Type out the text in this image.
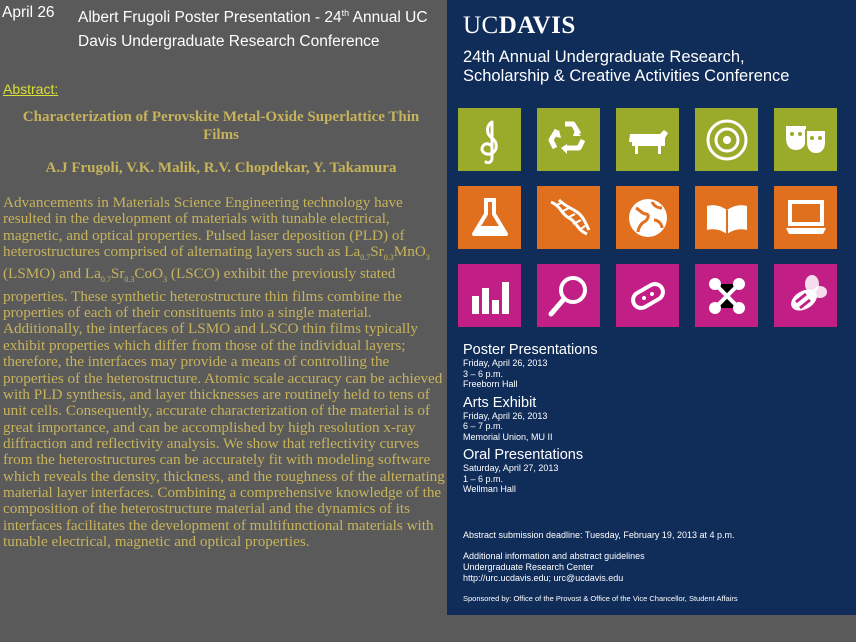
April 26 Albert Frugoli Poster Presentation - 24th Annual UC Davis Undergraduate Research Conference
Abstract:
Characterization of Perovskite Metal-Oxide Superlattice Thin Films
A.J Frugoli, V.K. Malik, R.V. Chopdekar, Y. Takamura
Advancements in Materials Science Engineering technology have resulted in the development of materials with tunable electrical, magnetic, and optical properties. Pulsed laser deposition (PLD) of heterostructures comprised of alternating layers such as $La_{0.7}Sr_{0.3}MnO_3$ (LSMO) and $La_{0.7}Sr_{0.3}CoO_3$ (LSCO) exhibit the previously stated properties. These synthetic heterostructure thin films combine the properties of each of their constituents into a single material. Additionally, the interfaces of LSMO and LSCO thin films typically exhibit properties which differ from those of the individual layers; therefore, the interfaces may provide a means of controlling the properties of the heterostructure. Atomic scale accuracy can be achieved with PLD synthesis, and layer thicknesses are routinely held to tens of unit cells. Consequently, accurate characterization of the material is of great importance, and can be accomplished by high resolution x-ray diffraction and reflectivity analysis. We show that reflectivity curves from the heterostructures can be accurately fit with modeling software which reveals the density, thickness, and the roughness of the alternating material layer interfaces. Combining a comprehensive knowledge of the composition of the heterostructure material and the dynamics of its interfaces facilitates the development of multifunctional materials with tunable electrical, magnetic and optical properties.
UCDAVIS
24th Annual Undergraduate Research,
Scholarship & Creative Activities Conference
Poster Presentations
Friday, April 26, 2013
3 – 6 p.m.
Freeborn Hall
Arts Exhibit
Friday, April 26, 2013
6 – 7 p.m.
Memorial Union, MU II
Oral Presentations
Saturday, April 27, 2013
1 – 6 p.m.
Wellman Hall
Abstract submission deadline: Tuesday, February 19, 2013 at 4 p.m.
Additional information and abstract guidelines
Undergraduate Research Center
http://urc.ucdavis.edu; urc@ucdavis.edu
Sponsored by: Office of the Provost & Office of the Vice Chancellor, Student Affairs
